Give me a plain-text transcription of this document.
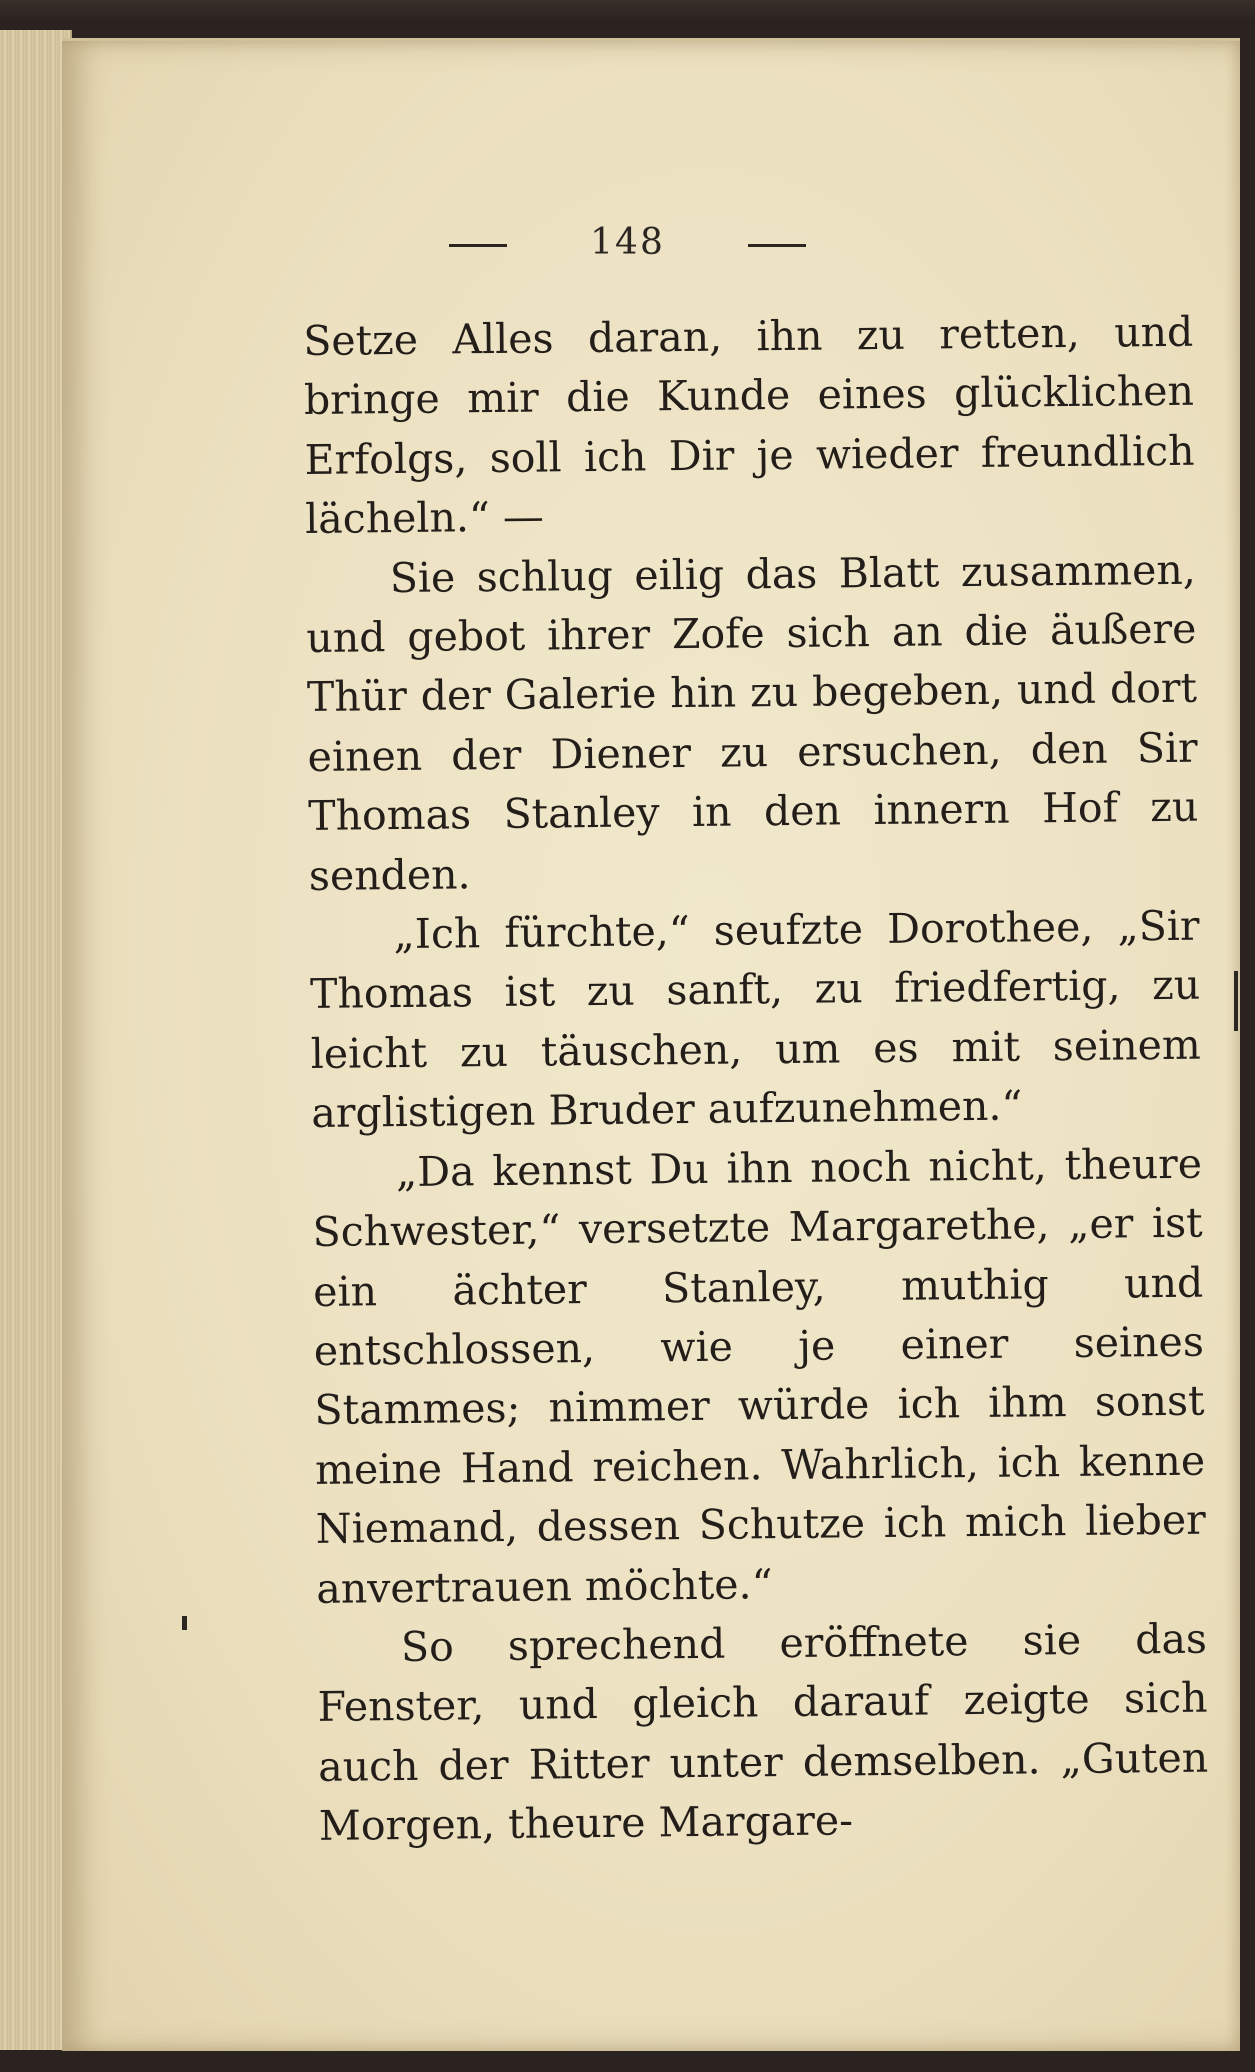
148

Setze Alles daran, ihn zu retten, und bringe mir die Kunde eines glücklichen Erfolgs, soll ich Dir je wieder freundlich lächeln.“ —

Sie schlug eilig das Blatt zusammen, und gebot ihrer Zofe sich an die äußere Thür der Galerie hin zu begeben, und dort einen der Diener zu ersuchen, den Sir Thomas Stanley in den innern Hof zu senden.

„Ich fürchte,“ seufzte Dorothee, „Sir Thomas ist zu sanft, zu friedfertig, zu leicht zu täuschen, um es mit seinem arglistigen Bruder aufzunehmen.“

„Da kennst Du ihn noch nicht, theure Schwester,“ versetzte Margarethe, „er ist ein ächter Stanley, muthig und entschlossen, wie je einer seines Stammes; nimmer würde ich ihm sonst meine Hand reichen. Wahrlich, ich kenne Niemand, dessen Schutze ich mich lieber anvertrauen möchte.“

So sprechend eröffnete sie das Fenster, und gleich darauf zeigte sich auch der Ritter unter demselben. „Guten Morgen, theure Margare-
